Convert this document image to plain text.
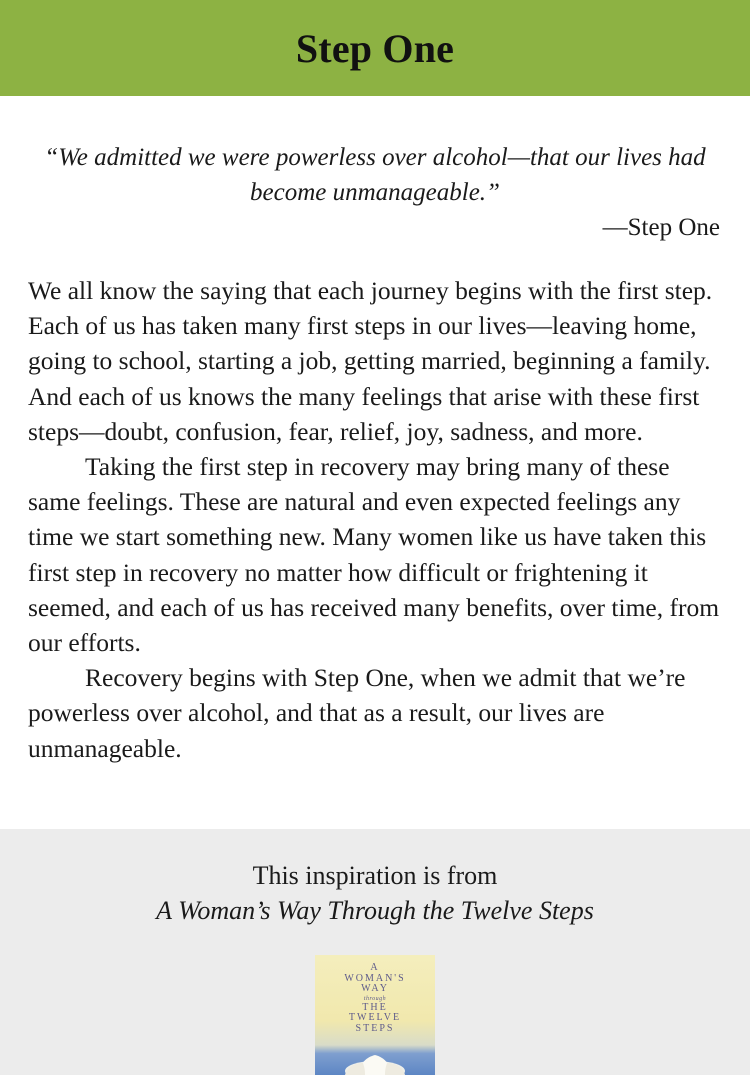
Step One
“We admitted we were powerless over alcohol—that our lives had become unmanageable.”
—Step One

We all know the saying that each journey begins with the first step. Each of us has taken many first steps in our lives—leaving home, going to school, starting a job, getting married, beginning a family. And each of us knows the many feelings that arise with these first steps—doubt, confusion, fear, relief, joy, sadness, and more.

Taking the first step in recovery may bring many of these same feelings. These are natural and even expected feelings any time we start something new. Many women like us have taken this first step in recovery no matter how difficult or frightening it seemed, and each of us has received many benefits, over time, from our efforts.

Recovery begins with Step One, when we admit that we’re powerless over alcohol, and that as a result, our lives are unmanageable.

This inspiration is from
A Woman’s Way Through the Twelve Steps
A
WOMAN'S
WAY

through
THE
TWELVE
STEPS
